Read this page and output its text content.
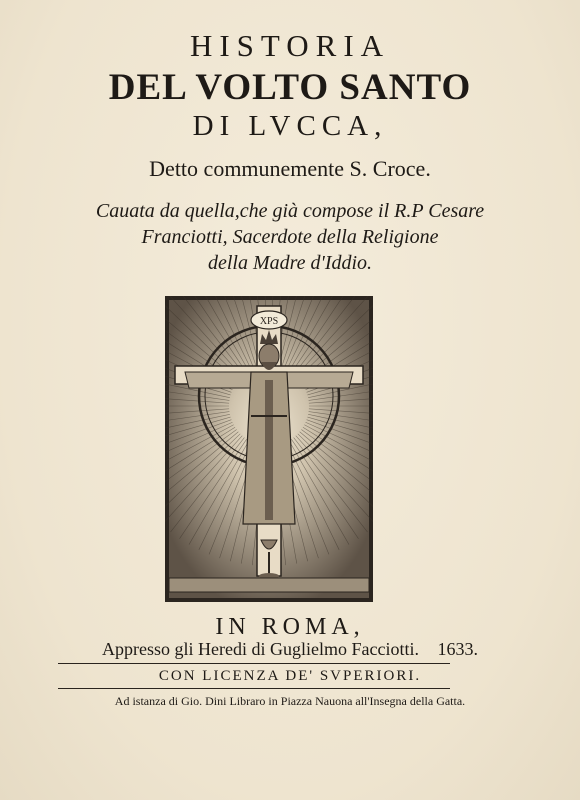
HISTORIA
DEL VOLTO SANTO
DI LVCCA,
Detto communemente S. Croce.
Cauata da quella,che già compose il R.P Cesare
Franciotti, Sacerdote della Religione
della Madre d'Iddio.
XPS
IN ROMA,
Appresso gli Heredi di Guglielmo Facciotti. 1633.
CON LICENZA DE' SVPERIORI.
Ad istanza di Gio. Dini Libraro in Piazza Nauona all'Insegna della Gatta.
